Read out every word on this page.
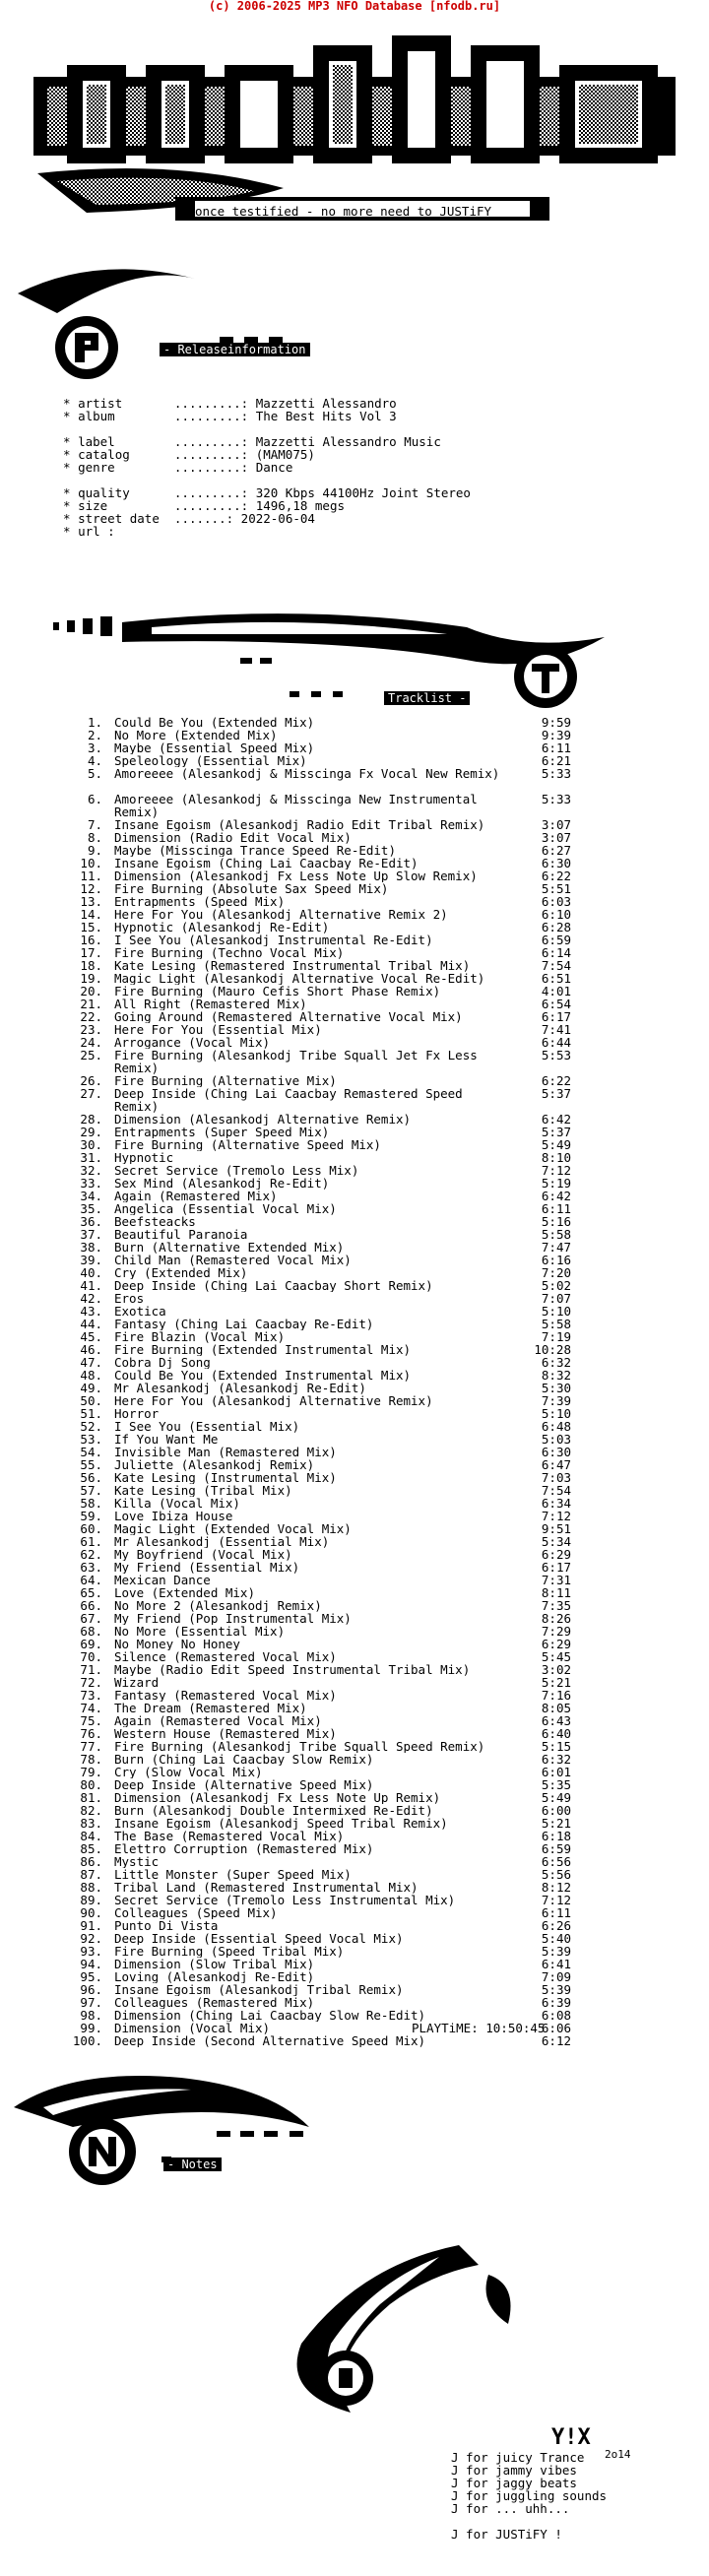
(c) 2006-2025 MP3 NFO Database [nfodb.ru]
once testified - no more need to JUSTiFY
- Releaseinformation
* artist	.........: Mazzetti Alessandro
* album	.........: The Best Hits Vol 3
* label	.........: Mazzetti Alessandro Music
* catalog	.........: (MAM075)
* genre	.........: Dance
* quality	.........: 320 Kbps 44100Hz Joint Stereo
* size	.........: 1496,18 megs
* street date .......: 2022-06-04
* url :
Tracklist -
1. Could Be You (Extended Mix)	9:59
2. No More (Extended Mix)	9:39
3. Maybe (Essential Speed Mix)	6:11
4. Speleology (Essential Mix)	6:21
5. Amoreeee (Alesankodj & Misscinga Fx Vocal New Remix)	5:33
6. Amoreeee (Alesankodj & Misscinga New Instrumental Remix)
5:33
7. Insane Egoism (Alesankodj Radio Edit Tribal Remix)	3:07
8. Dimension (Radio Edit Vocal Mix)	3:07
9. Maybe (Misscinga Trance Speed Re-Edit)	6:27
10. Insane Egoism (Ching Lai Caacbay Re-Edit)	6:30
11. Dimension (Alesankodj Fx Less Note Up Slow Remix)	6:22
12. Fire Burning (Absolute Sax Speed Mix)	5:51
13. Entrapments (Speed Mix)	6:03
14. Here For You (Alesankodj Alternative Remix 2)	6:10
15. Hypnotic (Alesankodj Re-Edit)	6:28
16. I See You (Alesankodj Instrumental Re-Edit)	6:59
17. Fire Burning (Techno Vocal Mix)	6:14
18. Kate Lesing (Remastered Instrumental Tribal Mix)	7:54
19. Magic Light (Alesankodj Alternative Vocal Re-Edit)	6:51
20. Fire Burning (Mauro Cefis Short Phase Remix)	4:01
21. All Right (Remastered Mix)	6:54
22. Going Around (Remastered Alternative Vocal Mix)	6:17
23. Here For You (Essential Mix)	7:41
24. Arrogance (Vocal Mix)	6:44
25. Fire Burning (Alesankodj Tribe Squall Jet Fx Less Remix)
5:53
26. Fire Burning (Alternative Mix)	6:22
27. Deep Inside (Ching Lai Caacbay Remastered Speed Remix)
5:37
28. Dimension (Alesankodj Alternative Remix)	6:42
29. Entrapments (Super Speed Mix)	5:37
30. Fire Burning (Alternative Speed Mix)	5:49
31. Hypnotic	8:10
32. Secret Service (Tremolo Less Mix)	7:12
33. Sex Mind (Alesankodj Re-Edit)	5:19
34. Again (Remastered Mix)	6:42
35. Angelica (Essential Vocal Mix)	6:11
36. Beefsteacks	5:16
37. Beautiful Paranoia	5:58
38. Burn (Alternative Extended Mix)	7:47
39. Child Man (Remastered Vocal Mix)	6:16
40. Cry (Extended Mix)	7:20
41. Deep Inside (Ching Lai Caacbay Short Remix)	5:02
42. Eros	7:07
43. Exotica	5:10
44. Fantasy (Ching Lai Caacbay Re-Edit)	5:58
45. Fire Blazin (Vocal Mix)	7:19
46. Fire Burning (Extended Instrumental Mix)	10:28
47. Cobra Dj Song	6:32
48. Could Be You (Extended Instrumental Mix)	8:32
49. Mr Alesankodj (Alesankodj Re-Edit)	5:30
50. Here For You (Alesankodj Alternative Remix)	7:39
51. Horror	5:10
52. I See You (Essential Mix)	6:48
53. If You Want Me	5:03
54. Invisible Man (Remastered Mix)	6:30
55. Juliette (Alesankodj Remix)	6:47
56. Kate Lesing (Instrumental Mix)	7:03
57. Kate Lesing (Tribal Mix)	7:54
58. Killa (Vocal Mix)	6:34
59. Love Ibiza House	7:12
60. Magic Light (Extended Vocal Mix)	9:51
61. Mr Alesankodj (Essential Mix)	5:34
62. My Boyfriend (Vocal Mix)	6:29
63. My Friend (Essential Mix)	6:17
64. Mexican Dance	7:31
65. Love (Extended Mix)	8:11
66. No More 2 (Alesankodj Remix)	7:35
67. My Friend (Pop Instrumental Mix)	8:26
68. No More (Essential Mix)	7:29
69. No Money No Honey	6:29
70. Silence (Remastered Vocal Mix)	5:45
71. Maybe (Radio Edit Speed Instrumental Tribal Mix)	3:02
72. Wizard	5:21
73. Fantasy (Remastered Vocal Mix)	7:16
74. The Dream (Remastered Mix)	8:05
75. Again (Remastered Vocal Mix)	6:43
76. Western House (Remastered Mix)	6:40
77. Fire Burning (Alesankodj Tribe Squall Speed Remix)	5:15
78. Burn (Ching Lai Caacbay Slow Remix)	6:32
79. Cry (Slow Vocal Mix)	6:01
80. Deep Inside (Alternative Speed Mix)	5:35
81. Dimension (Alesankodj Fx Less Note Up Remix)	5:49
82. Burn (Alesankodj Double Intermixed Re-Edit)	6:00
83. Insane Egoism (Alesankodj Speed Tribal Remix)	5:21
84. The Base (Remastered Vocal Mix)	6:18
85. Elettro Corruption (Remastered Mix)	6:59
86. Mystic	6:56
87. Little Monster (Super Speed Mix)	5:56
88. Tribal Land (Remastered Instrumental Mix)	8:12
89. Secret Service (Tremolo Less Instrumental Mix)	7:12
90. Colleagues (Speed Mix)	6:11
91. Punto Di Vista	6:26
92. Deep Inside (Essential Speed Vocal Mix)	5:40
93. Fire Burning (Speed Tribal Mix)	5:39
94. Dimension (Slow Tribal Mix)	6:41
95. Loving (Alesankodj Re-Edit)	7:09
96. Insane Egoism (Alesankodj Tribal Remix)	5:39
97. Colleagues (Remastered Mix)	6:39
98. Dimension (Ching Lai Caacbay Slow Re-Edit)	6:08
99. Dimension (Vocal Mix)	6:06
100. Deep Inside (Second Alternative Speed Mix)	6:12
PLAYTiME: 10:50:45
- Notes
Y!X
2o14
J for juicy Trance
J for jammy vibes
J for jaggy beats
J for juggling sounds
J for ... uhh...
J for JUSTiFY !
